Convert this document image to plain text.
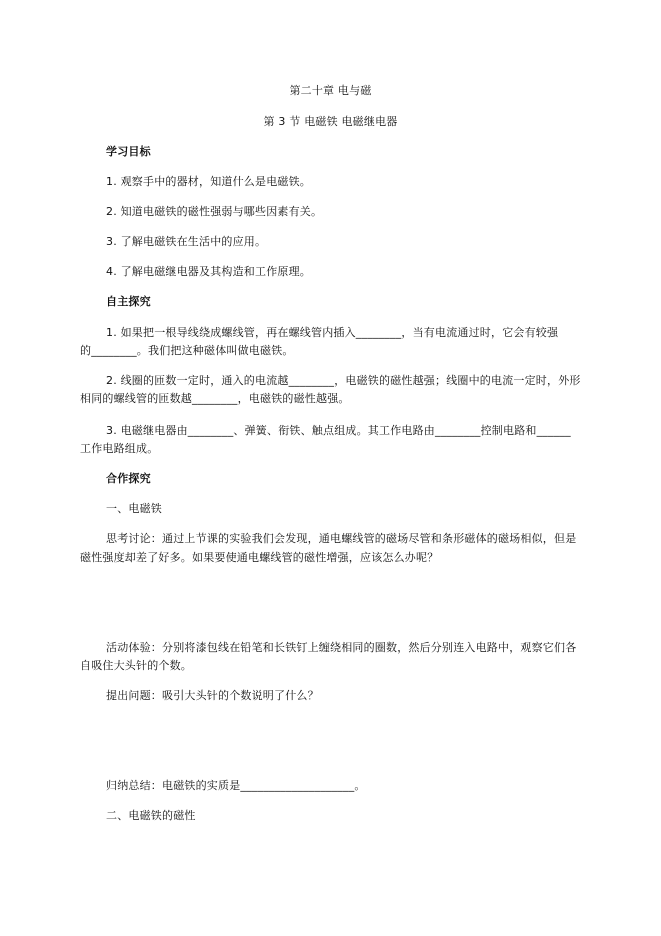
第二十章 电与磁
第 3 节 电磁铁 电磁继电器
学习目标
1. 观察手中的器材，知道什么是电磁铁。
2. 知道电磁铁的磁性强弱与哪些因素有关。
3. 了解电磁铁在生活中的应用。
4. 了解电磁继电器及其构造和工作原理。
自主探究
1. 如果把一根导线绕成螺线管，再在螺线管内插入________，当有电流通过时，它会有较强
的________。我们把这种磁体叫做电磁铁。
2. 线圈的匝数一定时，通入的电流越________，电磁铁的磁性越强；线圈中的电流一定时，外形
相同的螺线管的匝数越________，电磁铁的磁性越强。
3. 电磁继电器由________、弹簧、衔铁、触点组成。其工作电路由________控制电路和______
工作电路组成。
合作探究
一、电磁铁
思考讨论：通过上节课的实验我们会发现，通电螺线管的磁场尽管和条形磁体的磁场相似，但是
磁性强度却差了好多。如果要使通电螺线管的磁性增强，应该怎么办呢？
活动体验：分别将漆包线在铅笔和长铁钉上缠绕相同的圈数，然后分别连入电路中，观察它们各
自吸住大头针的个数。
提出问题：吸引大头针的个数说明了什么？
归纳总结：电磁铁的实质是____________________。
二、电磁铁的磁性
